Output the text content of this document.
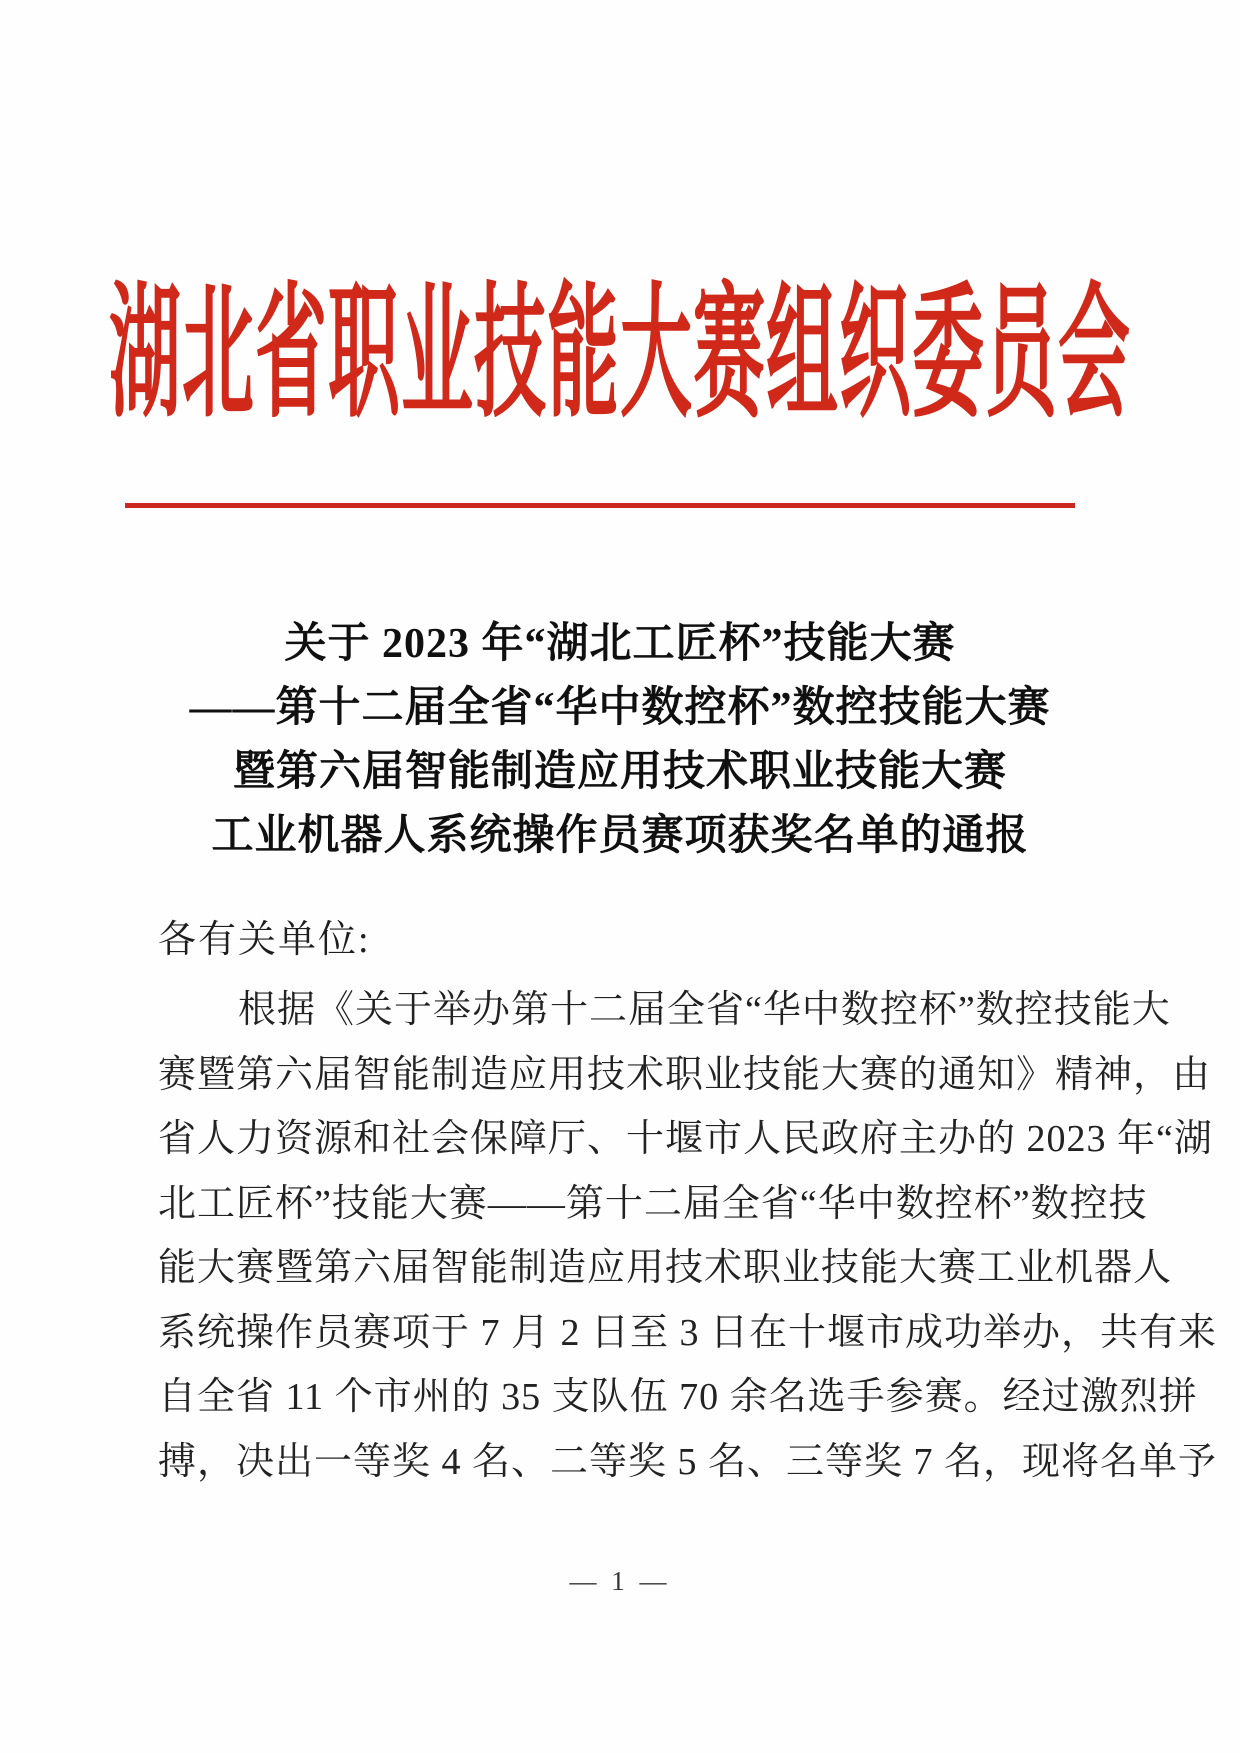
湖北省职业技能大赛组织委员会
关于 2023 年“湖北工匠杯”技能大赛
——第十二届全省“华中数控杯”数控技能大赛
暨第六届智能制造应用技术职业技能大赛
工业机器人系统操作员赛项获奖名单的通报
各有关单位:
根据《关于举办第十二届全省“华中数控杯”数控技能大
赛暨第六届智能制造应用技术职业技能大赛的通知》精神，由
省人力资源和社会保障厅、十堰市人民政府主办的 2023 年“湖
北工匠杯”技能大赛——第十二届全省“华中数控杯”数控技
能大赛暨第六届智能制造应用技术职业技能大赛工业机器人
系统操作员赛项于 7 月 2 日至 3 日在十堰市成功举办，共有来
自全省 11 个市州的 35 支队伍 70 余名选手参赛。经过激烈拼
搏，决出一等奖 4 名、二等奖 5 名、三等奖 7 名，现将名单予
— 1 —
